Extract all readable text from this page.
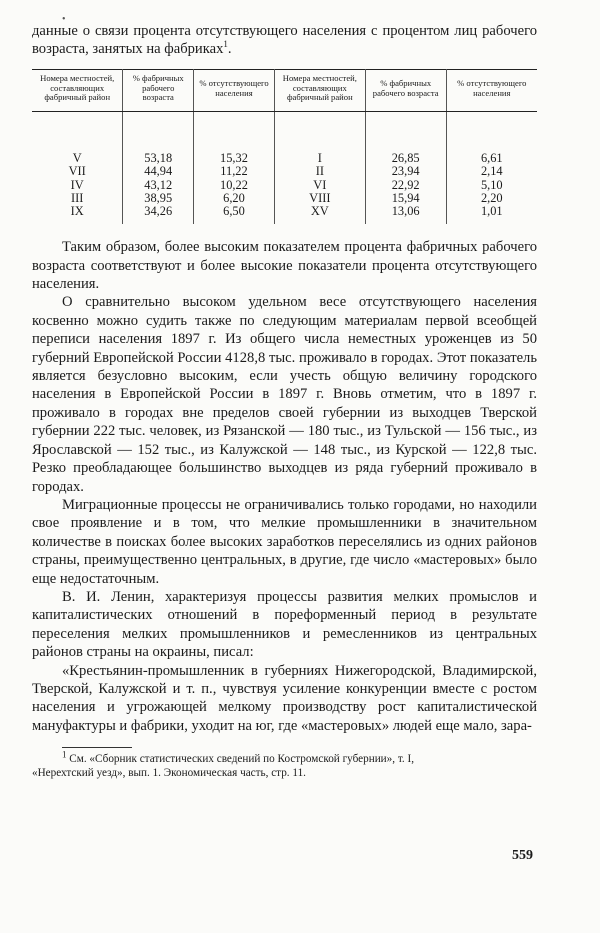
•

данные о связи процента отсутствующего населения с процентом лиц рабочего возраста, занятых на фабриках$^1$.

Номера местностей, составляющих фабричный район	% фабричных рабочего возраста	% отсутствующего населения	Номера местностей, составляющих фабричный район	% фабричных рабочего возраста	% отсутствующего населения
V	53,18	15,32	I	26,85	6,61
VII	44,94	11,22	II	23,94	2,14
IV	43,12	10,22	VI	22,92	5,10
III	38,95	6,20	VIII	15,94	2,20
IX	34,26	6,50	XV	13,06	1,01

Таким образом, более высоким показателем процента фабричных рабочего возраста соответствуют и более высокие показатели процента отсутствующего населения.

О сравнительно высоком удельном весе отсутствующего населения косвенно можно судить также по следующим материалам первой всеобщей переписи населения 1897 г. Из общего числа неместных уроженцев из 50 губерний Европейской России 4128,8 тыс. проживало в городах. Этот показатель является безусловно высоким, если учесть общую величину городского населения в Европейской России в 1897 г. Вновь отметим, что в 1897 г. проживало в городах вне пределов своей губернии из выходцев Тверской губернии 222 тыс. человек, из Рязанской — 180 тыс., из Тульской — 156 тыс., из Ярославской — 152 тыс., из Калужской — 148 тыс., из Курской — 122,8 тыс. Резко преобладающее большинство выходцев из ряда губерний проживало в городах.

Миграционные процессы не ограничивались только городами, но находили свое проявление и в том, что мелкие промышленники в значительном количестве в поисках более высоких заработков переселялись из одних районов страны, преимущественно центральных, в другие, где число «мастеровых» было еще недостаточным.

В. И. Ленин, характеризуя процессы развития мелких промыслов и капиталистических отношений в пореформенный период в результате переселения мелких промышленников и ремесленников из центральных районов страны на окраины, писал:

«Крестьянин-промышленник в губерниях Нижегородской, Владимирской, Тверской, Калужской и т. п., чувствуя усиление конкуренции вместе с ростом населения и угрожающей мелкому производству рост капиталистической мануфактуры и фабрики, уходит на юг, где «мастеровых» людей еще мало, зара-

$^1$ См. «Сборник статистических сведений по Костромской губернии», т. I,
«Нерехтский уезд», вып. 1. Экономическая часть, стр. 11.

559
